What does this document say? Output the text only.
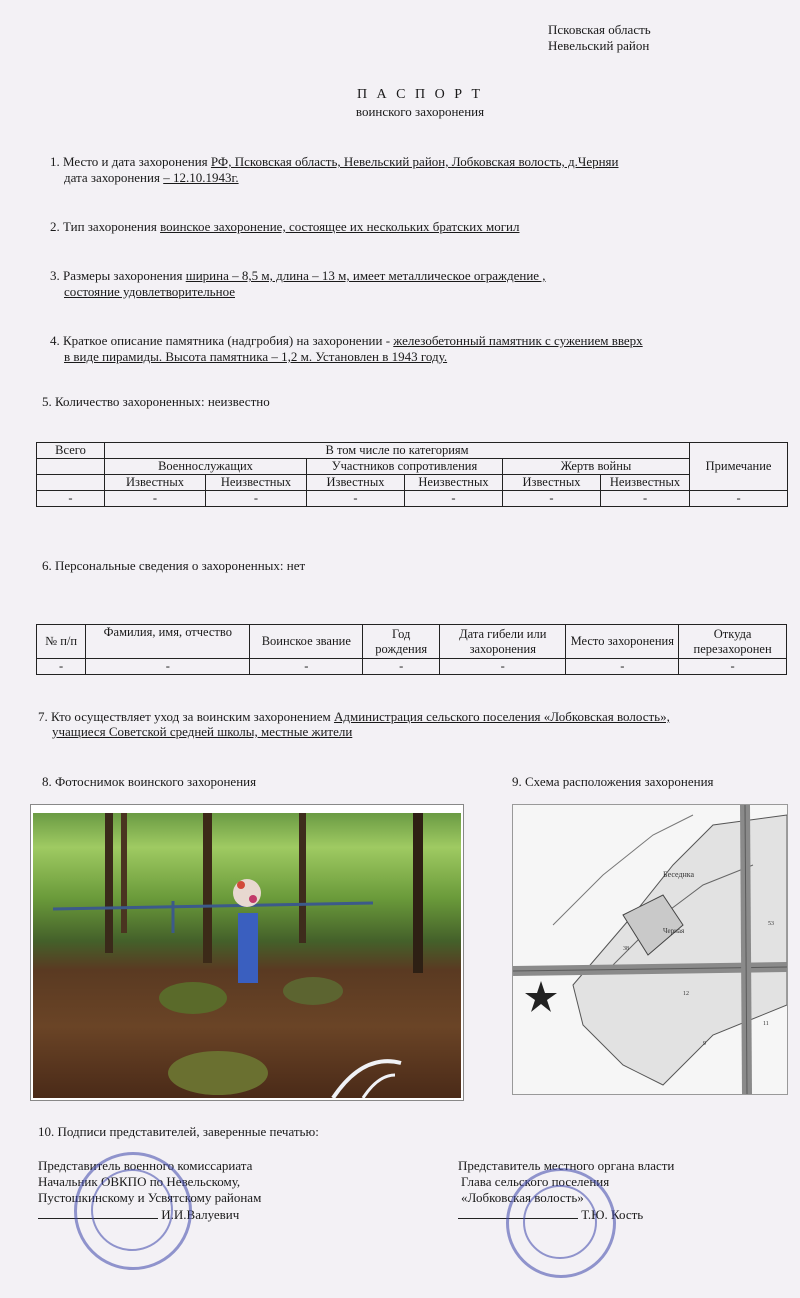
Псковская область
Невельский район
П А С П О Р Т
воинского захоронения
1. Место и дата захоронения РФ, Псковская область, Невельский район, Лобковская волость, д.Черняи
дата захоронения – 12.10.1943г.
2. Тип захоронения воинское захоронение, состоящее их нескольких братских могил
3. Размеры захоронения ширина – 8,5 м, длина – 13 м, имеет металлическое ограждение ,
состояние удовлетворительное
4. Краткое описание памятника (надгробия) на захоронении - железобетонный памятник с сужением вверх
в виде пирамиды. Высота памятника – 1,2 м. Установлен в 1943 году.
5. Количество захороненных: неизвестно
Всего	В том числе по категориям						Примечание
	Военнослужащих		Участников сопротивления		Жертв войны		
	Известных	Неизвестных	Известных	Неизвестных	Известных	Неизвестных	
-	-	-	-	-	-	-	-
6. Персональные сведения о захороненных: нет
№ п/п	Фамилия, имя, отчество	Воинское звание	Год рождения	Дата гибели или захоронения	Место захоронения	Откуда перезахоронен
-	-	-	-	-	-	-
7. Кто осуществляет уход за воинским захоронением Администрация сельского поселения «Лобковская волость»,
учащиеся Советской средней школы, местные жители
8. Фотоснимок воинского захоронения	9. Схема расположения захоронения
Беседнка
Черная
38
53
12
11
9
10. Подписи представителей, заверенные печатью:
Представитель военного комиссариата
Начальник ОВКПО по Невельскому,
Пустошкинскому и Усвятскому районам
И.И.Валуевич
Представитель местного органа власти
Глава сельского поселения
«Лобковская волость»
Т.Ю. Кость
